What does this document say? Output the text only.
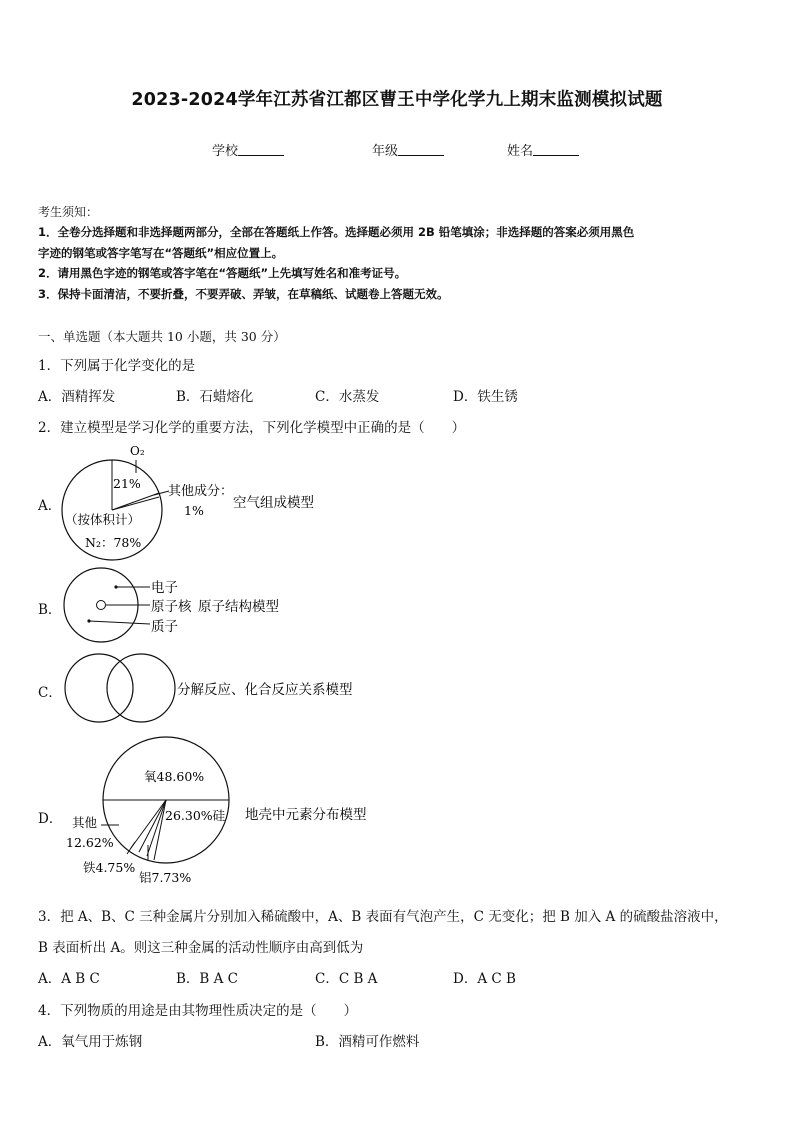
2023-2024学年江苏省江都区曹王中学化学九上期末监测模拟试题
学校	年级	姓名
考生须知：
1．全卷分选择题和非选择题两部分，全部在答题纸上作答。选择题必须用 2B 铅笔填涂；非选择题的答案必须用黑色
字迹的钢笔或答字笔写在“答题纸”相应位置上。
2．请用黑色字迹的钢笔或答字笔在“答题纸”上先填写姓名和准考证号。
3．保持卡面清洁，不要折叠，不要弄破、弄皱，在草稿纸、试题卷上答题无效。
一、单选题（本大题共 10 小题，共 30 分）
1．下列属于化学变化的是
A．酒精挥发	B．石蜡熔化	C．水蒸发	D．铁生锈
2．建立模型是学习化学的重要方法，下列化学模型中正确的是（　　）
A．
B．
C．
D．
O₂
21%
其他成分：
1%
（按体积计）
N₂：78%
空气组成模型
电子
原子核 原子结构模型
质子
分解反应、化合反应关系模型
氧48.60%
26.30%硅
其他
12.62%
铁4.75%
铝7.73%
地壳中元素分布模型
3．把 A、B、C 三种金属片分别加入稀硫酸中，A、B 表面有气泡产生，C 无变化；把 B 加入 A 的硫酸盐溶液中，
B 表面析出 A。则这三种金属的活动性顺序由高到低为
A．A B C	B．B A C	C．C B A	D．A C B
4．下列物质的用途是由其物理性质决定的是（　　）
A．氧气用于炼钢	B．酒精可作燃料
